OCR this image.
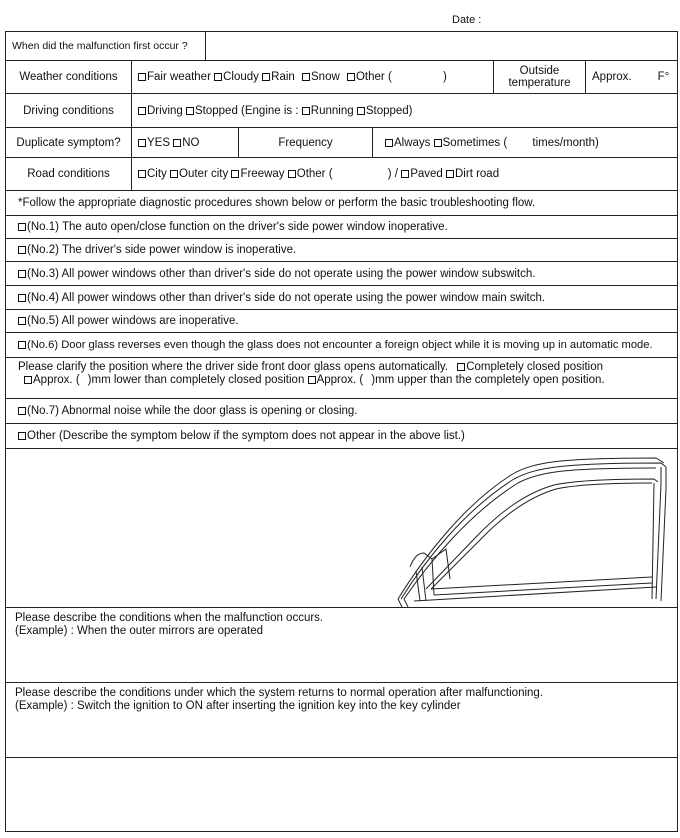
Date :
When did the malfunction first occur ?
Weather conditions	Fair weather Cloudy Rain Snow Other (	)	Outside temperature	Approx. F°
Driving conditions	Driving Stopped (Engine is : Running Stopped)
Duplicate symptom?	YES NO	Frequency	Always Sometimes ( times/month)
Road conditions	City Outer city Freeway Other (	) / Paved Dirt road
*Follow the appropriate diagnostic procedures shown below or perform the basic troubleshooting flow.
(No.1) The auto open/close function on the driver's side power window inoperative.
(No.2) The driver's side power window is inoperative.
(No.3) All power windows other than driver's side do not operate using the power window subswitch.
(No.4) All power windows other than driver's side do not operate using the power window main switch.
(No.5) All power windows are inoperative.
(No.6) Door glass reverses even though the glass does not encounter a foreign object while it is moving up in automatic mode.
Please clarify the position where the driver side front door glass opens automatically. Completely closed position
Approx. ( )mm lower than completely closed position Approx. ( )mm upper than the completely open position.
(No.7) Abnormal noise while the door glass is opening or closing.
Other (Describe the symptom below if the symptom does not appear in the above list.)
Please describe the conditions when the malfunction occurs.
(Example) : When the outer mirrors are operated
Please describe the conditions under which the system returns to normal operation after malfunctioning.
(Example) : Switch the ignition to ON after inserting the ignition key into the key cylinder
